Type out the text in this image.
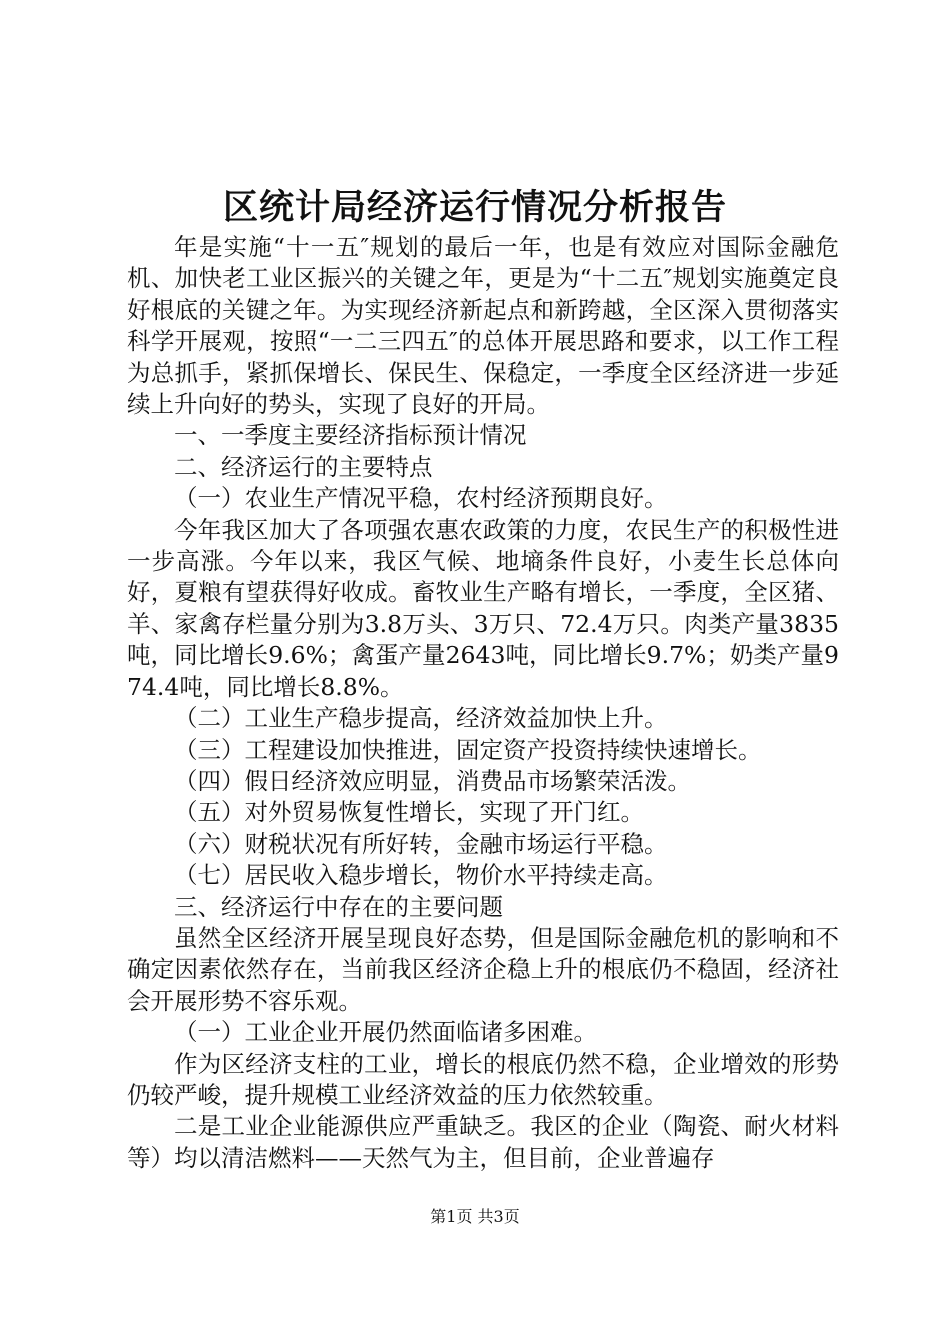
区统计局经济运行情况分析报告

年是实施“十一五″规划的最后一年，也是有效应对国际金融危机、加快老工业区振兴的关键之年，更是为“十二五″规划实施奠定良好根底的关键之年。为实现经济新起点和新跨越，全区深入贯彻落实科学开展观，按照“一二三四五″的总体开展思路和要求，以工作工程为总抓手，紧抓保增长、保民生、保稳定，一季度全区经济进一步延续上升向好的势头，实现了良好的开局。

一、一季度主要经济指标预计情况

二、经济运行的主要特点

（一）农业生产情况平稳，农村经济预期良好。

今年我区加大了各项强农惠农政策的力度，农民生产的积极性进一步高涨。今年以来，我区气候、地墒条件良好，小麦生长总体向好，夏粮有望获得好收成。畜牧业生产略有增长，一季度，全区猪、羊、家禽存栏量分别为3.8万头、3万只、72.4万只。肉类产量3835吨，同比增长9.6%；禽蛋产量2643吨，同比增长9.7%；奶类产量974.4吨，同比增长8.8%。

（二）工业生产稳步提高，经济效益加快上升。

（三）工程建设加快推进，固定资产投资持续快速增长。

（四）假日经济效应明显，消费品市场繁荣活泼。

（五）对外贸易恢复性增长，实现了开门红。

（六）财税状况有所好转，金融市场运行平稳。

（七）居民收入稳步增长，物价水平持续走高。

三、经济运行中存在的主要问题

虽然全区经济开展呈现良好态势，但是国际金融危机的影响和不确定因素依然存在，当前我区经济企稳上升的根底仍不稳固，经济社会开展形势不容乐观。

（一）工业企业开展仍然面临诸多困难。

作为区经济支柱的工业，增长的根底仍然不稳，企业增效的形势仍较严峻，提升规模工业经济效益的压力依然较重。

二是工业企业能源供应严重缺乏。我区的企业（陶瓷、耐火材料等）均以清洁燃料——天然气为主，但目前，企业普遍存

第1页 共3页
